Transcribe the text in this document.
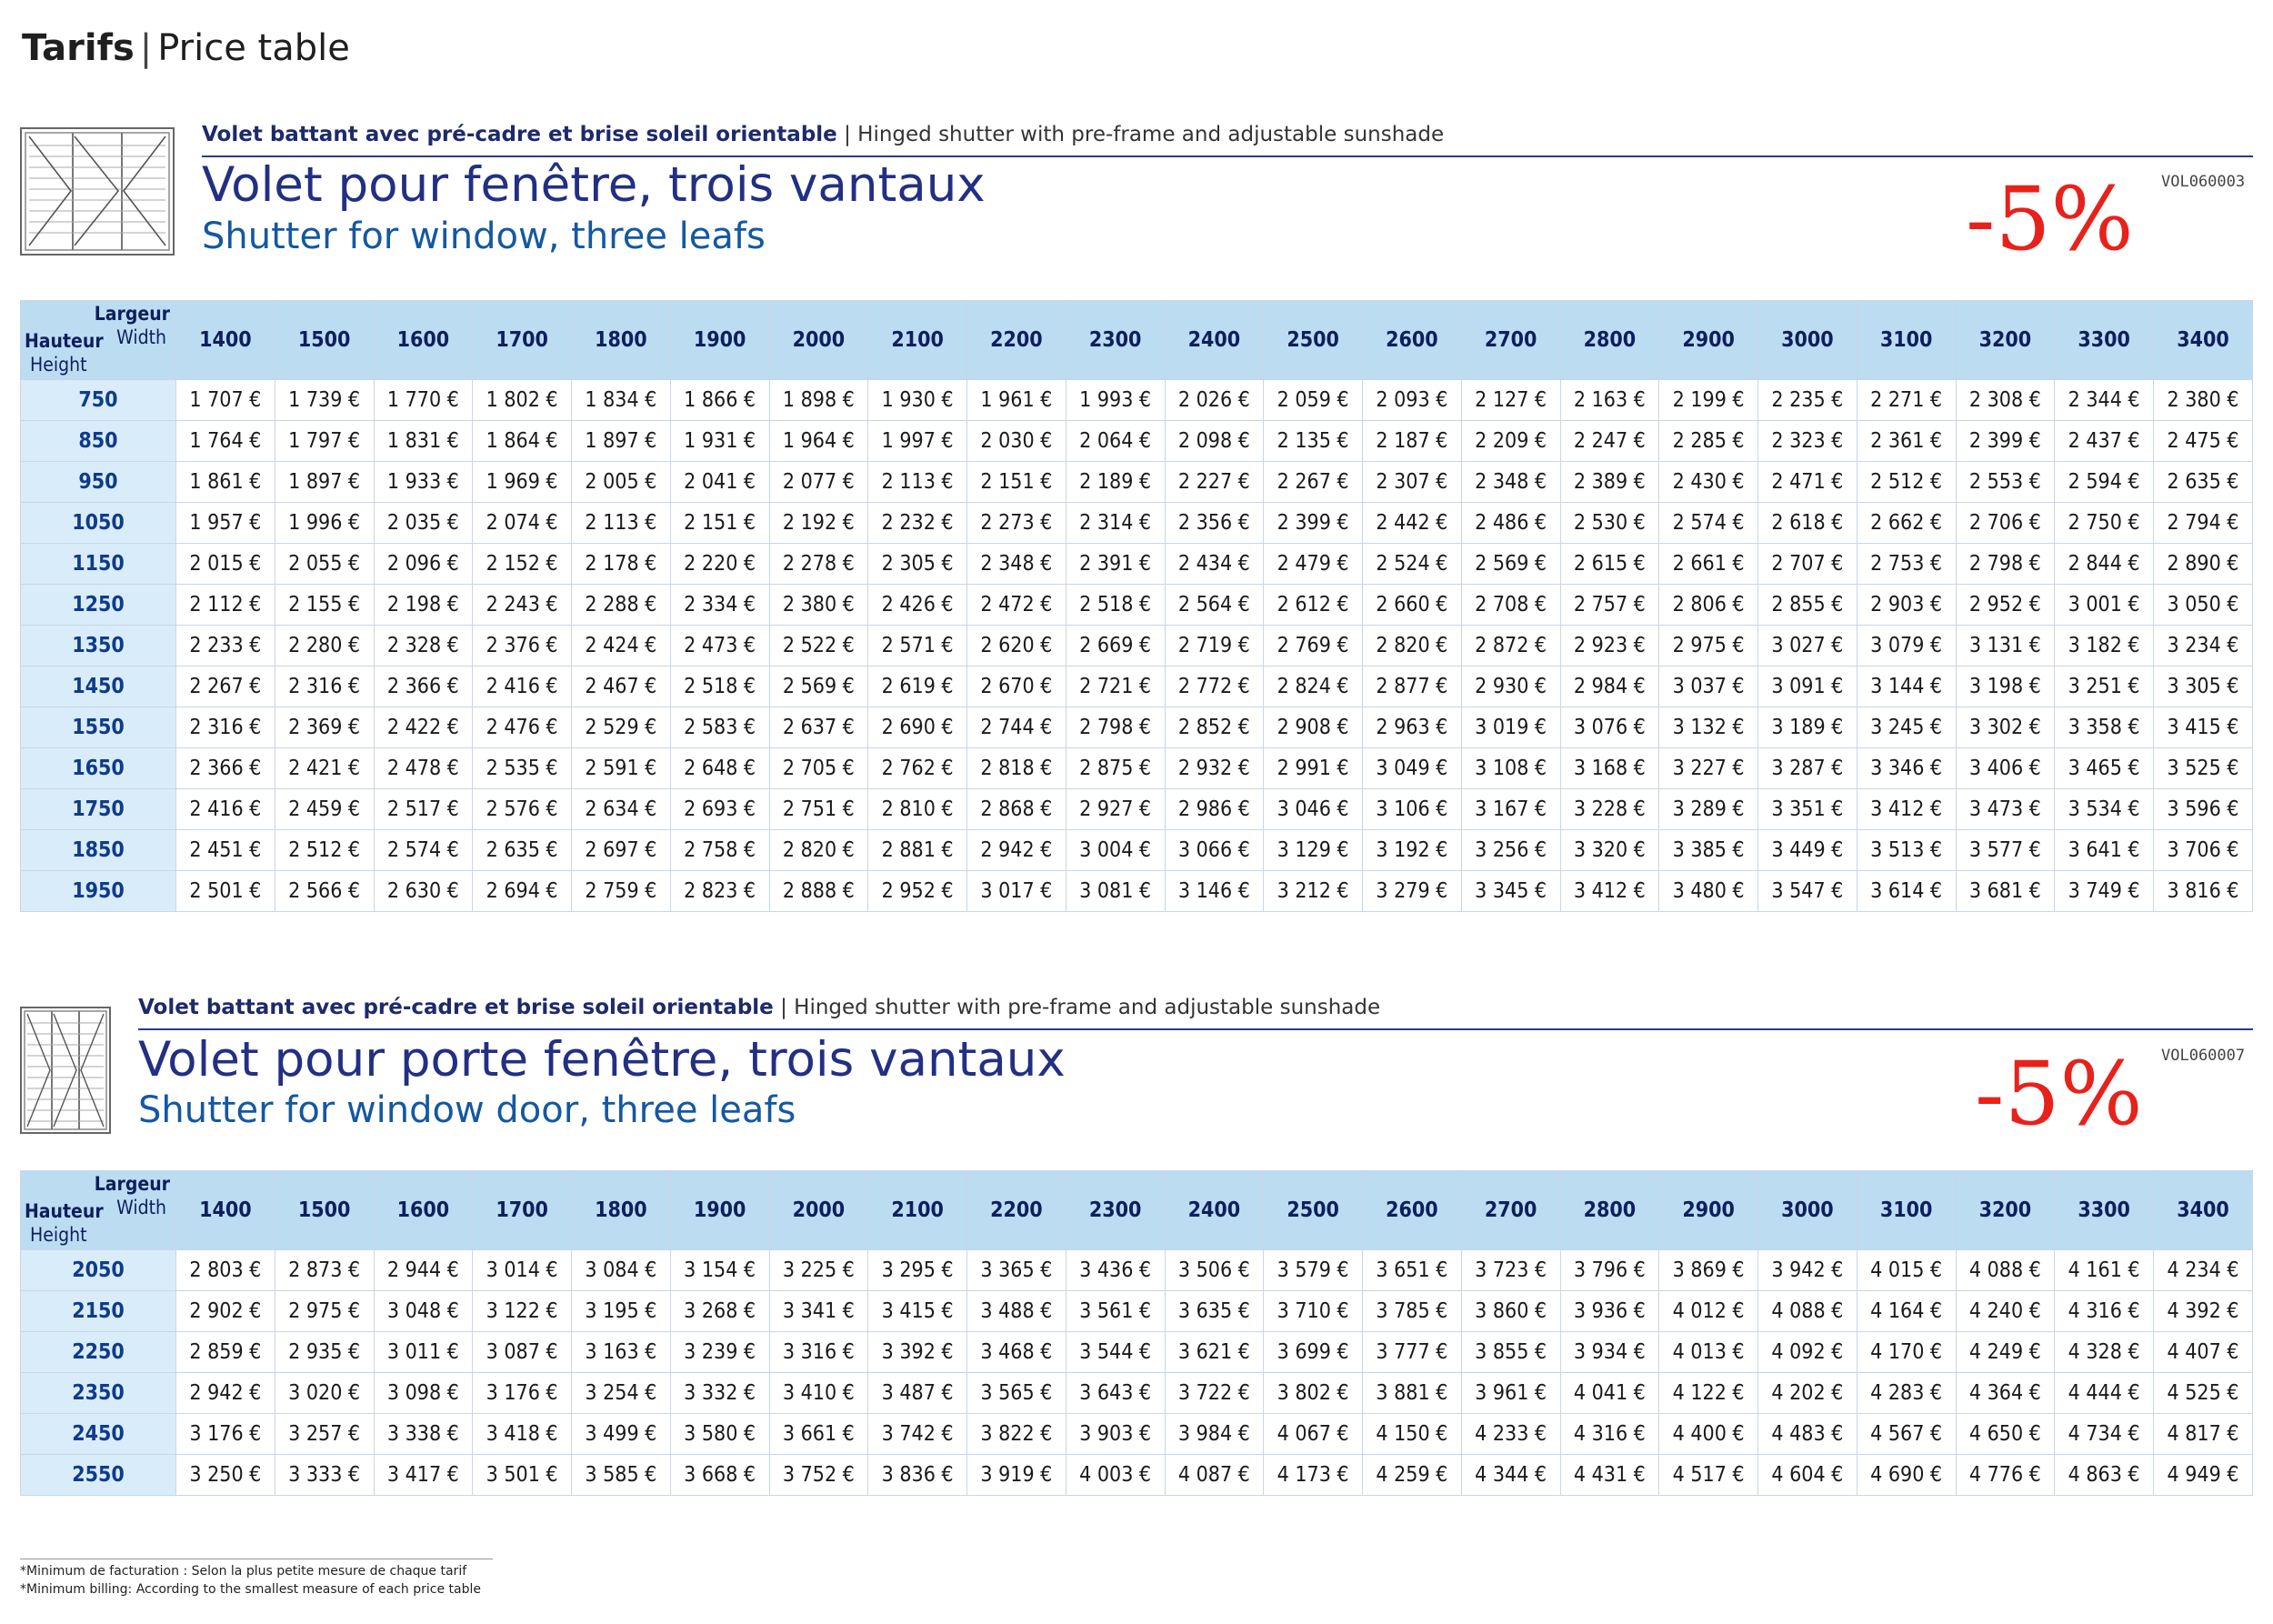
Tarifs | Price table
Volet battant avec pré-cadre et brise soleil orientable | Hinged shutter with pre-frame and adjustable sunshade
Volet pour fenêtre, trois vantaux
Shutter for window, three leafs
VOL060003
-5%
Largeur
Width
Hauteur
Height	1400	1500	1600	1700	1800	1900	2000	2100	2200	2300	2400	2500	2600	2700	2800	2900	3000	3100	3200	3300	3400
750	1 707 €	1 739 €	1 770 €	1 802 €	1 834 €	1 866 €	1 898 €	1 930 €	1 961 €	1 993 €	2 026 €	2 059 €	2 093 €	2 127 €	2 163 €	2 199 €	2 235 €	2 271 €	2 308 €	2 344 €	2 380 €
850	1 764 €	1 797 €	1 831 €	1 864 €	1 897 €	1 931 €	1 964 €	1 997 €	2 030 €	2 064 €	2 098 €	2 135 €	2 187 €	2 209 €	2 247 €	2 285 €	2 323 €	2 361 €	2 399 €	2 437 €	2 475 €
950	1 861 €	1 897 €	1 933 €	1 969 €	2 005 €	2 041 €	2 077 €	2 113 €	2 151 €	2 189 €	2 227 €	2 267 €	2 307 €	2 348 €	2 389 €	2 430 €	2 471 €	2 512 €	2 553 €	2 594 €	2 635 €
1050	1 957 €	1 996 €	2 035 €	2 074 €	2 113 €	2 151 €	2 192 €	2 232 €	2 273 €	2 314 €	2 356 €	2 399 €	2 442 €	2 486 €	2 530 €	2 574 €	2 618 €	2 662 €	2 706 €	2 750 €	2 794 €
1150	2 015 €	2 055 €	2 096 €	2 152 €	2 178 €	2 220 €	2 278 €	2 305 €	2 348 €	2 391 €	2 434 €	2 479 €	2 524 €	2 569 €	2 615 €	2 661 €	2 707 €	2 753 €	2 798 €	2 844 €	2 890 €
1250	2 112 €	2 155 €	2 198 €	2 243 €	2 288 €	2 334 €	2 380 €	2 426 €	2 472 €	2 518 €	2 564 €	2 612 €	2 660 €	2 708 €	2 757 €	2 806 €	2 855 €	2 903 €	2 952 €	3 001 €	3 050 €
1350	2 233 €	2 280 €	2 328 €	2 376 €	2 424 €	2 473 €	2 522 €	2 571 €	2 620 €	2 669 €	2 719 €	2 769 €	2 820 €	2 872 €	2 923 €	2 975 €	3 027 €	3 079 €	3 131 €	3 182 €	3 234 €
1450	2 267 €	2 316 €	2 366 €	2 416 €	2 467 €	2 518 €	2 569 €	2 619 €	2 670 €	2 721 €	2 772 €	2 824 €	2 877 €	2 930 €	2 984 €	3 037 €	3 091 €	3 144 €	3 198 €	3 251 €	3 305 €
1550	2 316 €	2 369 €	2 422 €	2 476 €	2 529 €	2 583 €	2 637 €	2 690 €	2 744 €	2 798 €	2 852 €	2 908 €	2 963 €	3 019 €	3 076 €	3 132 €	3 189 €	3 245 €	3 302 €	3 358 €	3 415 €
1650	2 366 €	2 421 €	2 478 €	2 535 €	2 591 €	2 648 €	2 705 €	2 762 €	2 818 €	2 875 €	2 932 €	2 991 €	3 049 €	3 108 €	3 168 €	3 227 €	3 287 €	3 346 €	3 406 €	3 465 €	3 525 €
1750	2 416 €	2 459 €	2 517 €	2 576 €	2 634 €	2 693 €	2 751 €	2 810 €	2 868 €	2 927 €	2 986 €	3 046 €	3 106 €	3 167 €	3 228 €	3 289 €	3 351 €	3 412 €	3 473 €	3 534 €	3 596 €
1850	2 451 €	2 512 €	2 574 €	2 635 €	2 697 €	2 758 €	2 820 €	2 881 €	2 942 €	3 004 €	3 066 €	3 129 €	3 192 €	3 256 €	3 320 €	3 385 €	3 449 €	3 513 €	3 577 €	3 641 €	3 706 €
1950	2 501 €	2 566 €	2 630 €	2 694 €	2 759 €	2 823 €	2 888 €	2 952 €	3 017 €	3 081 €	3 146 €	3 212 €	3 279 €	3 345 €	3 412 €	3 480 €	3 547 €	3 614 €	3 681 €	3 749 €	3 816 €
Volet battant avec pré-cadre et brise soleil orientable | Hinged shutter with pre-frame and adjustable sunshade
Volet pour porte fenêtre, trois vantaux
Shutter for window door, three leafs
VOL060007
-5%
Largeur
Width
Hauteur
Height	1400	1500	1600	1700	1800	1900	2000	2100	2200	2300	2400	2500	2600	2700	2800	2900	3000	3100	3200	3300	3400
2050	2 803 €	2 873 €	2 944 €	3 014 €	3 084 €	3 154 €	3 225 €	3 295 €	3 365 €	3 436 €	3 506 €	3 579 €	3 651 €	3 723 €	3 796 €	3 869 €	3 942 €	4 015 €	4 088 €	4 161 €	4 234 €
2150	2 902 €	2 975 €	3 048 €	3 122 €	3 195 €	3 268 €	3 341 €	3 415 €	3 488 €	3 561 €	3 635 €	3 710 €	3 785 €	3 860 €	3 936 €	4 012 €	4 088 €	4 164 €	4 240 €	4 316 €	4 392 €
2250	2 859 €	2 935 €	3 011 €	3 087 €	3 163 €	3 239 €	3 316 €	3 392 €	3 468 €	3 544 €	3 621 €	3 699 €	3 777 €	3 855 €	3 934 €	4 013 €	4 092 €	4 170 €	4 249 €	4 328 €	4 407 €
2350	2 942 €	3 020 €	3 098 €	3 176 €	3 254 €	3 332 €	3 410 €	3 487 €	3 565 €	3 643 €	3 722 €	3 802 €	3 881 €	3 961 €	4 041 €	4 122 €	4 202 €	4 283 €	4 364 €	4 444 €	4 525 €
2450	3 176 €	3 257 €	3 338 €	3 418 €	3 499 €	3 580 €	3 661 €	3 742 €	3 822 €	3 903 €	3 984 €	4 067 €	4 150 €	4 233 €	4 316 €	4 400 €	4 483 €	4 567 €	4 650 €	4 734 €	4 817 €
2550	3 250 €	3 333 €	3 417 €	3 501 €	3 585 €	3 668 €	3 752 €	3 836 €	3 919 €	4 003 €	4 087 €	4 173 €	4 259 €	4 344 €	4 431 €	4 517 €	4 604 €	4 690 €	4 776 €	4 863 €	4 949 €
*Minimum de facturation : Selon la plus petite mesure de chaque tarif
*Minimum billing: According to the smallest measure of each price table
